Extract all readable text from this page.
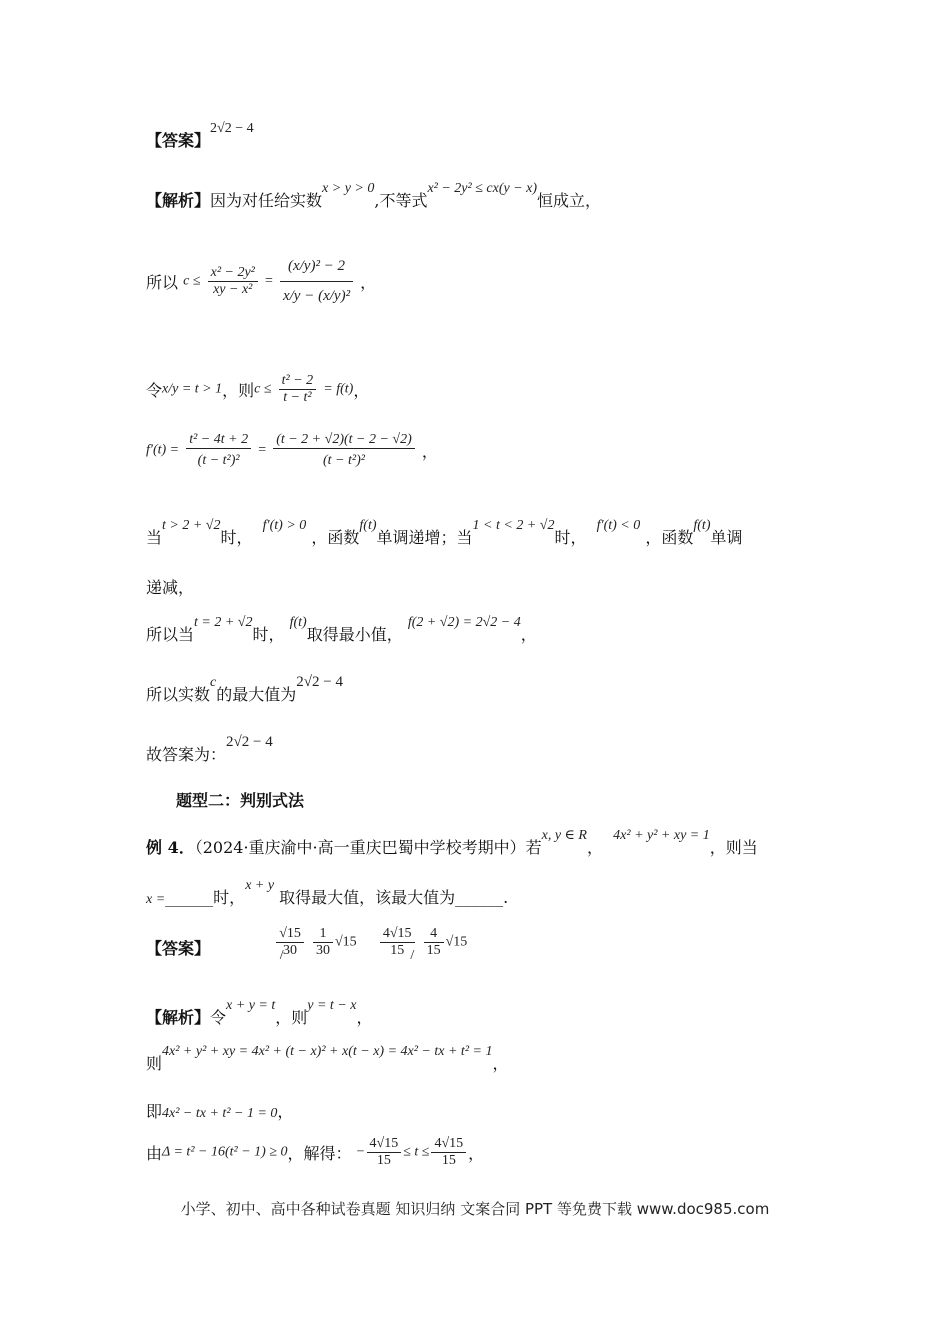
【答案】2√2 − 4
【解析】因为对任给实数x > y > 0,不等式x² − 2y² ≤ cx(y − x)恒成立，
所以 $c \le \frac{\text{x² − 2y²}}{\text{xy − x²}} = \frac{\text{(x/y)² − 2}}{\text{x/y − (x/y)²}}$ ，
令x/y = t > 1，则$c \le \frac{\text{t² − 2}}{\text{t − t²}} = f(t)$，
$f'(t) = \frac{\text{t² − 4t + 2}}{\text{(t − t²)²}} = \frac{(t - 2 + √2)(t - 2 - √2)}{\text{(t − t²)²}}$ ，
当t > 2 + √2时，  f′(t) > 0 ，函数f(t)单调递增；当1 < t < 2 + √2时，  f′(t) < 0 ，函数f(t)单调
递减，
所以当t = 2 + √2时， f(t)取得最小值， f(2 + √2) = 2√2 − 4，
所以实数c的最大值为2√2 − 4
故答案为：2√2 − 4
题型二：判别式法
例 4．（2024·重庆渝中·高一重庆巴蜀中学校考期中）若x, y ∈ R，  4x² + y² + xy = 1，则当
x =______时，x + y 取得最大值，该最大值为______.
【答案】	$\frac{√15}{30}$
$\frac{1}{30} √15$ /	$\frac{4√15}{15}$
$\frac{4}{15} √15$ /
【解析】令x + y = t，则y = t − x，
则4x² + y² + xy = 4x² + (t − x)² + x(t − x) = 4x² − tx + t² = 1，
即4x² − tx + t² − 1 = 0，
由Δ = t² − 16(t² − 1) ≥ 0，解得： − $\frac{4√15}{15} \le t \le \frac{4√15}{15}$ ，
小学、初中、高中各种试卷真题 知识归纳 文案合同 PPT 等免费下载 www.doc985.com
